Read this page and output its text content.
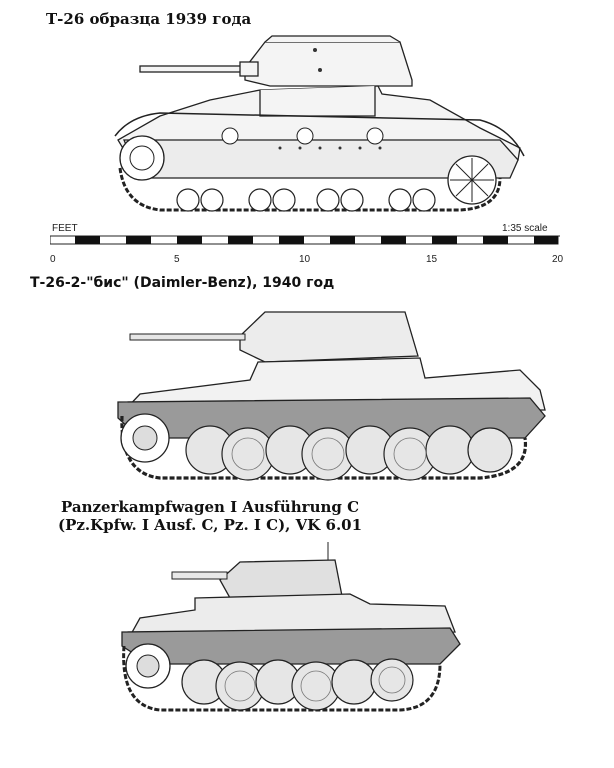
Т-26 образца 1939 года
FEET	1:35 scale
0	5	10	15	20
Т-26-2-"бис" (Daimler-Benz), 1940 год
Panzerkampfwagen I Ausführung C
(Pz.Kpfw. I Ausf. C, Pz. I C), VK 6.01
